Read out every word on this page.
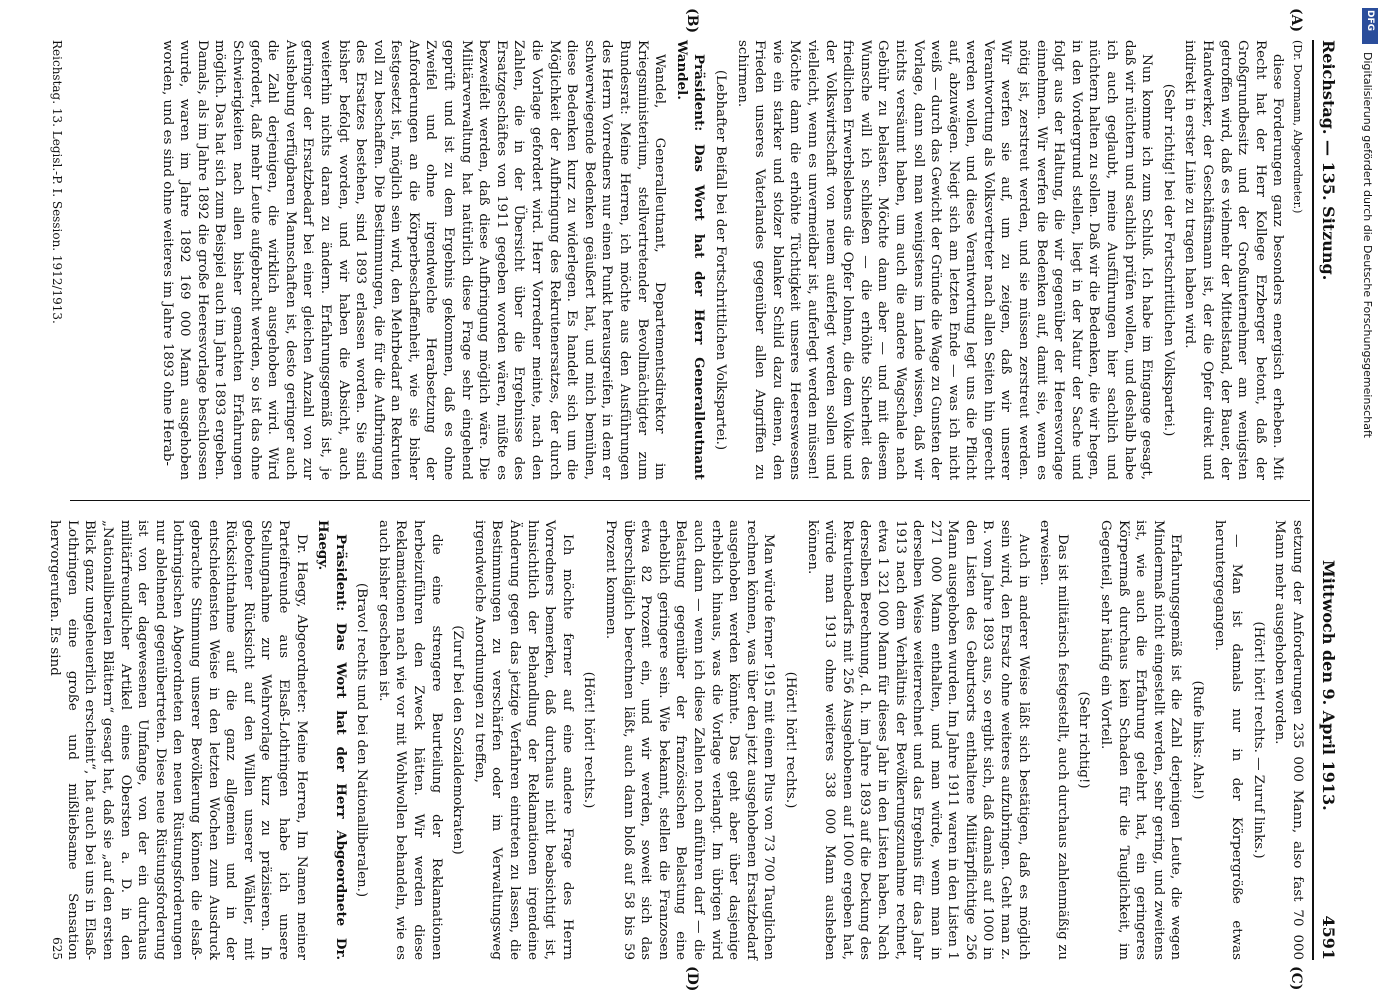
Reichstag. — 135. Sitzung.
Mittwoch den 9. April 1913.
4591

(Dr. Doormann, Abgeordneter.)

diese Forderungen ganz besonders energisch erheben. Mit Recht hat der Herr Kollege Erzberger betont, daß der Großgrundbesitz und der Großunternehmer am wenigsten getroffen wird, daß es vielmehr der Mittelstand, der Bauer, der Handwerker, der Geschäftsmann ist, der die Opfer direkt und indirekt in erster Linie zu tragen haben wird.

(Sehr richtig! bei der Fortschrittlichen Volkspartei.)

Nun komme ich zum Schluß. Ich habe im Eingange gesagt, daß wir nüchtern und sachlich prüfen wollen, und deshalb habe ich auch geglaubt, meine Ausführungen hier sachlich und nüchtern halten zu sollen. Daß wir die Bedenken, die wir hegen, in den Vordergrund stellen, liegt in der Natur der Sache und folgt aus der Haltung, die wir gegenüber der Heeresvorlage einnehmen. Wir werfen die Bedenken auf, damit sie, wenn es nötig ist, zerstreut werden, und sie müssen zerstreut werden. Wir werfen sie auf, um zu zeigen, daß wir unserer Verantwortung als Volksvertreter nach allen Seiten hin gerecht werden wollen, und diese Verantwortung legt uns die Pflicht auf, abzuwägen. Neigt sich am letzten Ende — was ich nicht weiß — durch das Gewicht der Gründe die Wage zu Gunsten der Vorlage, dann soll man wenigstens im Lande wissen, daß wir nichts versäumt haben, um auch die andere Wagschale nach Gebühr zu belasten. Möchte dann aber — und mit diesem Wunsche will ich schließen — die erhöhte Sicherheit des friedlichen Erwerbslebens die Opfer lohnen, die dem Volke und der Volkswirtschaft von neuem auferlegt werden sollen und vielleicht, wenn es unvermeidbar ist, auferlegt werden müssen! Möchte dann die erhöhte Tüchtigkeit unseres Heereswesens wie ein starker und stolzer blanker Schild dazu dienen, den Frieden unseres Vaterlandes gegenüber allen Angriffen zu schirmen.

(Lebhafter Beifall bei der Fortschrittlichen Volkspartei.)

Präsident: Das Wort hat der Herr Generalleutnant Wandel.

Wandel, Generalleutnant, Departementsdirektor im Kriegsministerium, stellvertretender Bevollmächtigter zum Bundesrat: Meine Herren, ich möchte aus den Ausführungen des Herrn Vorredners nur einen Punkt herausgreifen, in dem er schwerwiegende Bedenken geäußert hat, und mich bemühen, diese Bedenken kurz zu widerlegen. Es handelt sich um die Möglichkeit der Aufbringung des Rekrutenersatzes, der durch die Vorlage gefordert wird. Herr Vorredner meinte, nach den Zahlen, die in der Übersicht über die Ergebnisse des Ersatzgeschäftes von 1911 gegeben worden wären, müßte es bezweifelt werden, daß diese Aufbringung möglich wäre. Die Militärverwaltung hat natürlich diese Frage sehr eingehend geprüft und ist zu dem Ergebnis gekommen, daß es ohne Zweifel und ohne irgendwelche Herabsetzung der Anforderungen an die Körperbeschaffenheit, wie sie bisher festgesetzt ist, möglich sein wird, den Mehrbedarf an Rekruten voll zu beschaffen. Die Bestimmungen, die für die Aufbringung des Ersatzes bestehen, sind 1893 erlassen worden. Sie sind bisher befolgt worden, und wir haben die Absicht, auch weiterhin nichts daran zu ändern. Erfahrungsgemäß ist, je geringer der Ersatzbedarf bei einer gleichen Anzahl von zur Aushebung verfügbaren Mannschaften ist, desto geringer auch die Zahl derjenigen, die wirklich ausgehoben wird. Wird gefordert, daß mehr Leute aufgebracht werden, so ist das ohne Schwierigkeiten nach allen bisher gemachten Erfahrungen möglich. Das hat sich zum Beispiel auch im Jahre 1893 ergeben. Damals, als im Jahre 1892 die große Heeresvorlage beschlossen wurde, waren im Jahre 1892 169 000 Mann ausgehoben worden, und es sind ohne weiteres im Jahre 1893 ohne Herab-

setzung der Anforderungen 235 000 Mann, also fast 70 000 Mann mehr ausgehoben worden.

(Hört! hört! rechts. — Zuruf links.)

— Man ist damals nur in der Körpergröße etwas heruntergegangen.

(Rufe links: Aha!)

Erfahrungsgemäß ist die Zahl derjenigen Leute, die wegen Mindermaß nicht eingestellt werden, sehr gering, und zweitens ist, wie auch die Erfahrung gelehrt hat, ein geringeres Körpermaß durchaus kein Schaden für die Tauglichkeit, im Gegenteil, sehr häufig ein Vorteil.

(Sehr richtig!)

Das ist militärisch festgestellt, auch durchaus zahlenmäßig zu erweisen.

Auch in anderer Weise läßt sich bestätigen, daß es möglich sein wird, den Ersatz ohne weiteres aufzubringen. Geht man z. B. vom Jahre 1893 aus, so ergibt sich, daß damals auf 1000 in den Listen des Geburtsorts enthaltene Militärpflichtige 256 Mann ausgehoben wurden. Im Jahre 1911 waren in den Listen 1 271 000 Mann enthalten, und man würde, wenn man in derselben Weise weiterrechnet und das Ergebnis für das Jahr 1913 nach dem Verhältnis der Bevölkerungszunahme rechnet, etwa 1 321 000 Mann für dieses Jahr in den Listen haben. Nach derselben Berechnung, d. h. im Jahre 1893 auf die Deckung des Rekrutenbedarfs mit 256 Ausgehobenen auf 1000 ergeben hat, würde man 1913 ohne weiteres 338 000 Mann ausheben können.

(Hört! hört! rechts.)

Man würde ferner 1915 mit einem Plus von 73 700 Tauglichen rechnen können, was über den jetzt ausgehobenen Ersatzbedarf ausgehoben werden könnte. Das geht aber über dasjenige erheblich hinaus, was die Vorlage verlangt. Im übrigen wird auch dann — wenn ich diese Zahlen noch anführen darf — die Belastung gegenüber der französischen Belastung eine erheblich geringere sein. Wie bekannt, stellen die Franzosen etwa 82 Prozent ein, und wir werden, soweit sich das überschläglich berechnen läßt, auch dann bloß auf 58 bis 59 Prozent kommen.

(Hört! hört! rechts.)

Ich möchte ferner auf eine andere Frage des Herrn Vorredners bemerken, daß durchaus nicht beabsichtigt ist, hinsichtlich der Behandlung der Reklamationen irgendeine Änderung gegen das jetzige Verfahren eintreten zu lassen, die Bestimmungen zu verschärfen oder im Verwaltungsweg irgendwelche Anordnungen zu treffen,

(Zuruf bei den Sozialdemokraten)

die eine strengere Beurteilung der Reklamationen herbeizuführen den Zweck hätten. Wir werden diese Reklamationen nach wie vor mit Wohlwollen behandeln, wie es auch bisher geschehen ist.

(Bravo! rechts und bei den Nationalliberalen.)

Präsident: Das Wort hat der Herr Abgeordnete Dr. Haegy.

Dr. Haegy, Abgeordneter: Meine Herren, Im Namen meiner Parteifreunde aus Elsaß-Lothringen habe ich unsere Stellungnahme zur Wehrvorlage kurz zu präzisieren. In gebotener Rücksicht auf den Willen unserer Wähler, mit Rücksichtnahme auf die ganz allgemein und in der entschiedensten Weise in den letzten Wochen zum Ausdruck gebrachte Stimmung unserer Bevölkerung können die elsaß-lothringischen Abgeordneten den neuen Rüstungsforderungen nur ablehnend gegenübertreten. Diese neue Rüstungsforderung ist von der dagewesenen Umfange, von der ein durchaus militärfreundlicher Artikel eines Obersten a. D. in den „Nationalliberalen Blättern“ gesagt hat, daß sie „auf den ersten Blick ganz ungeheuerlich erscheint“, hat auch bei uns in Elsaß-Lothringen eine große und mißliebsame Sensation hervorgerufen. Es sind

(A)
(B)
(C)
(D)
Reichstag. 13. Legisl.-P. I. Session. 1912/1913.
625
DFG
Digitalisierung gefördert durch die Deutsche Forschungsgemeinschaft
